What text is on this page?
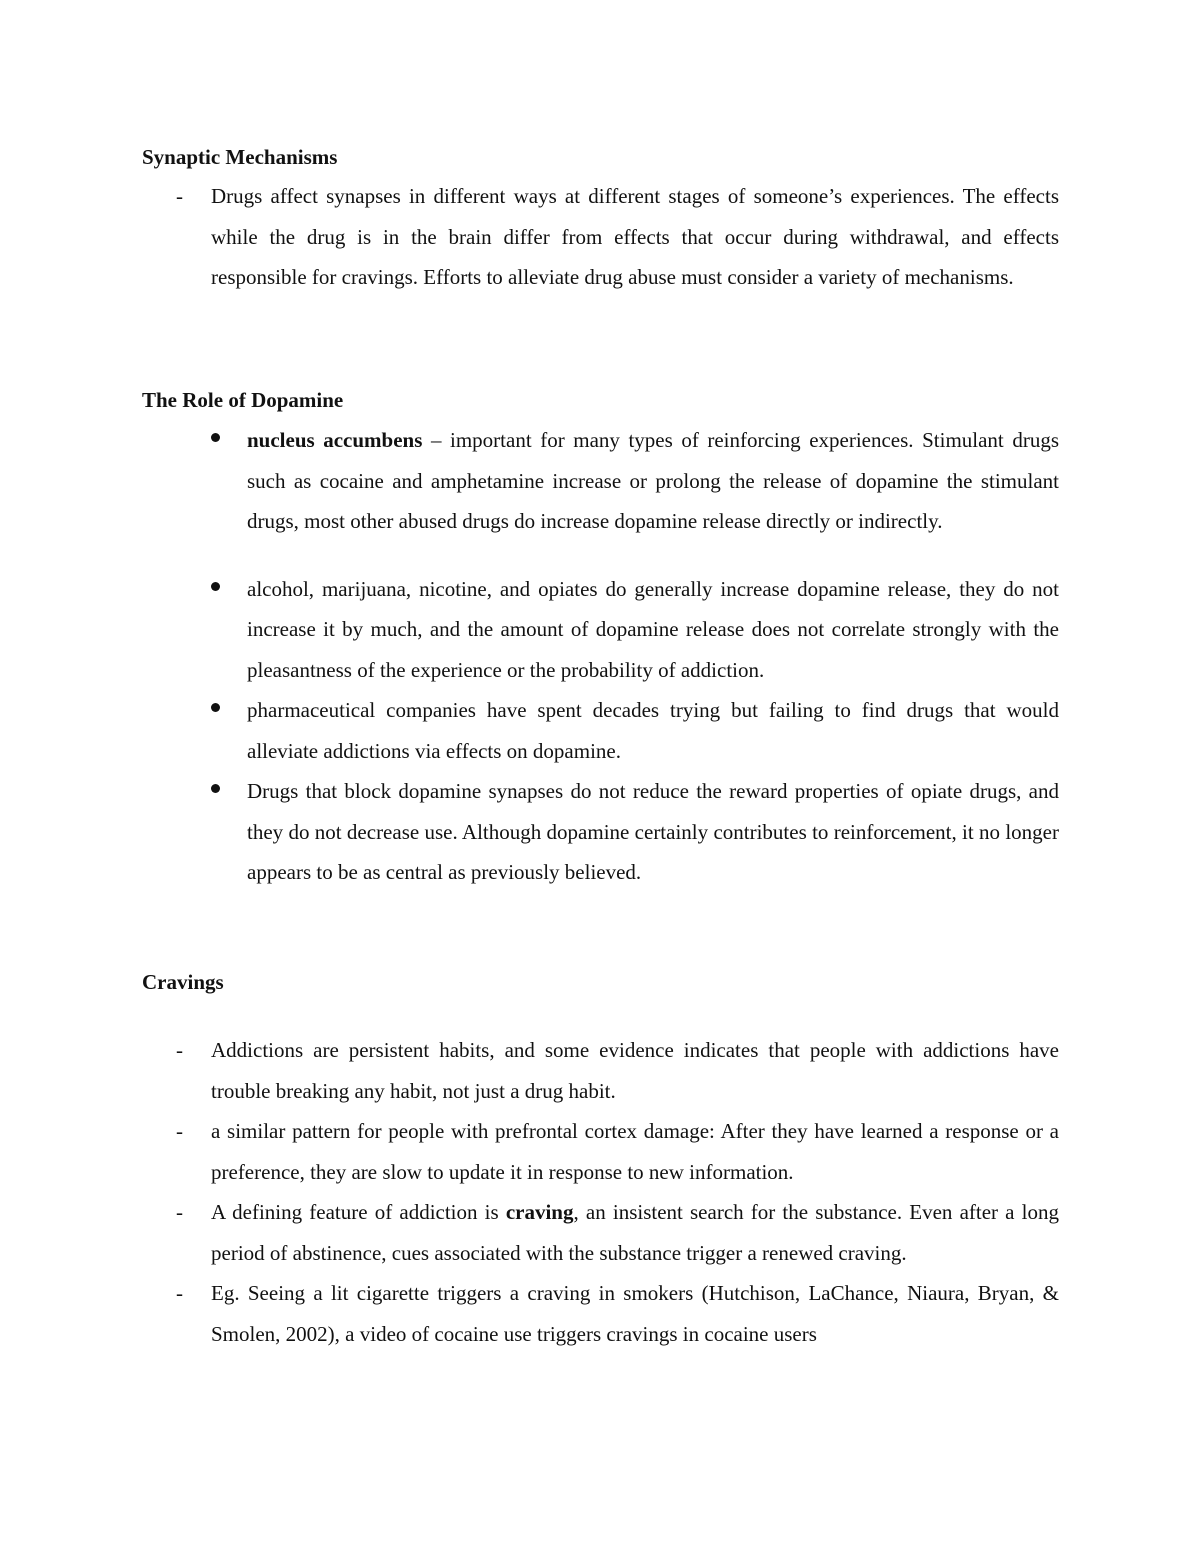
Synaptic Mechanisms
- Drugs affect synapses in different ways at different stages of someone’s experiences. The effects while the drug is in the brain differ from effects that occur during withdrawal, and effects responsible for cravings. Efforts to alleviate drug abuse must consider a variety of mechanisms.
The Role of Dopamine
nucleus accumbens – important for many types of reinforcing experiences. Stimulant drugs such as cocaine and amphetamine increase or prolong the release of dopamine the stimulant drugs, most other abused drugs do increase dopamine release directly or indirectly.
alcohol, marijuana, nicotine, and opiates do generally increase dopamine release, they do not increase it by much, and the amount of dopamine release does not correlate strongly with the pleasantness of the experience or the probability of addiction.
pharmaceutical companies have spent decades trying but failing to find drugs that would alleviate addictions via effects on dopamine.
Drugs that block dopamine synapses do not reduce the reward properties of opiate drugs, and they do not decrease use. Although dopamine certainly contributes to reinforcement, it no longer appears to be as central as previously believed.
Cravings
- Addictions are persistent habits, and some evidence indicates that people with addictions have trouble breaking any habit, not just a drug habit.
- a similar pattern for people with prefrontal cortex damage: After they have learned a response or a preference, they are slow to update it in response to new information.
- A defining feature of addiction is craving, an insistent search for the substance. Even after a long period of abstinence, cues associated with the substance trigger a renewed craving.
- Eg. Seeing a lit cigarette triggers a craving in smokers (Hutchison, LaChance, Niaura, Bryan, & Smolen, 2002), a video of cocaine use triggers cravings in cocaine users
